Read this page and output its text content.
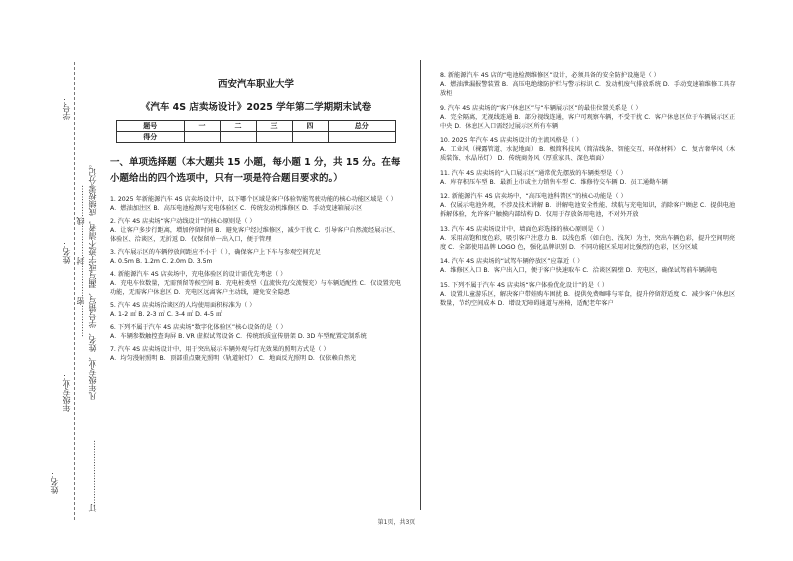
学号：
姓名：
年级专业：
…………密…………封…………线………… 凡年级专业、姓名、学号错写、漏写或字迹不清者，成绩按零分记。
姓名：	订……………………
西安汽车职业大学
《汽车 4S 店卖场设计》2025 学年第二学期期末试卷
题号	一	二	三	四	总分
得分					
一、单项选择题（本大题共 15 小题，每小题 1 分，共 15 分。在每小题给出的四个选项中，只有一项是符合题目要求的。）
1. 2025 年新能源汽车 4S 店卖场设计中，以下哪个区域是客户体验智能驾驶功能的核心功能区域是（ ）
A．燃油加注区 B．高压电池检测与充电体验区 C．传统发动机维修区 D．手动变速箱展示区
2. 汽车 4S 店卖场“客户动线设计”的核心原则是（ ）
A．让客户多步行距离，增加停留时间 B．避免客户经过维修区，减少干扰 C．引导客户自然流经展示区、体验区、洽谈区，无折返 D．仅保留单一出入口，便于管理
3. 汽车展示区的车辆停放间距应不小于（ ），确保客户上下车与参观空间充足
A. 0.5m B. 1.2m C. 2.0m D. 3.5m
4. 新能源汽车 4S 店卖场中，充电体验区的设计需优先考虑（ ）
A．充电车位数量，无需预留等候空间 B．充电桩类型（直流快充/交流慢充）与车辆适配性 C．仅设置充电功能，无需客户休息区 D．充电区远离客户主动线，避免安全隐患
5. 汽车 4S 店卖场洽谈区的人均使用面积标准为（ ）
A. 1-2 ㎡ B. 2-3 ㎡ C. 3-4 ㎡ D. 4-5 ㎡
6. 下列不属于汽车 4S 店卖场“数字化体验区”核心设备的是（ ）
A．车辆参数触控查询屏 B. VR 虚拟试驾设备 C．传统纸质宣传册架 D. 3D 车型配置定制系统
7. 汽车 4S 店卖场设计中，用于突出展示车辆外观与灯光效果的照明方式是（ ）
A．均匀漫射照明 B．顶部重点聚光照明（轨道射灯） C．地面反光照明 D．仅依赖自然光
8. 新能源汽车 4S 店的“电池检测维修区”设计，必须具备的安全防护设施是（ ）
A．燃油泄漏报警装置 B．高压电绝缘防护栏与警示标识 C．发动机废气排放系统 D．手动变速箱维修工具存放柜
9. 汽车 4S 店卖场的“客户休息区”与“车辆展示区”的最佳位置关系是（ ）
A．完全隔离，无视线连通 B．部分视线连通，客户可观察车辆，不受干扰 C．客户休息区位于车辆展示区正中央 D．休息区入口需经过展示区所有车辆
10. 2025 年汽车 4S 店卖场设计的主流风格是（ ）
A．工业风（裸露管道、水泥地面） B．极简科技风（简洁线条、智能交互、环保材料） C．复古奢华风（木质装饰、水晶吊灯） D．传统商务风（厚重家具、深色墙面）
11. 汽车 4S 店卖场的“入口展示区”通常优先摆放的车辆类型是（ ）
A．库存积压车型 B．最新上市或主力销售车型 C．维修待交车辆 D．员工通勤车辆
12. 新能源汽车 4S 店卖场中，“高压电池科普区”的核心功能是（ ）
A．仅展示电池外观，不涉及技术讲解 B．讲解电池安全性能、续航与充电知识，消除客户顾虑 C．提供电池拆解体验，允许客户触摸内部结构 D．仅用于存放备用电池，不对外开放
13. 汽车 4S 店卖场设计中，墙面色彩选择的核心原则是（ ）
A．采用高饱和度色彩，吸引客户注意力 B．以浅色系（如白色、浅灰）为主，突出车辆色彩，提升空间明亮度 C．全部使用品牌 LOGO 色，强化品牌识别 D．不同功能区采用对比强烈的色彩，区分区域
14. 汽车 4S 店卖场的“试驾车辆停放区”应靠近（ ）
A．维修区入口 B．客户出入口，便于客户快速取车 C．洽谈区隔壁 D．充电区，确保试驾前车辆满电
15. 下列不属于汽车 4S 店卖场“客户体验优化设计”的是（ ）
A．设置儿童游乐区，解决客户带娃购车困扰 B．提供免费咖啡与零食，提升停留舒适度 C．减少客户休息区数量，节约空间成本 D．增设无障碍通道与座椅，适配老年客户
第1页，共3页
